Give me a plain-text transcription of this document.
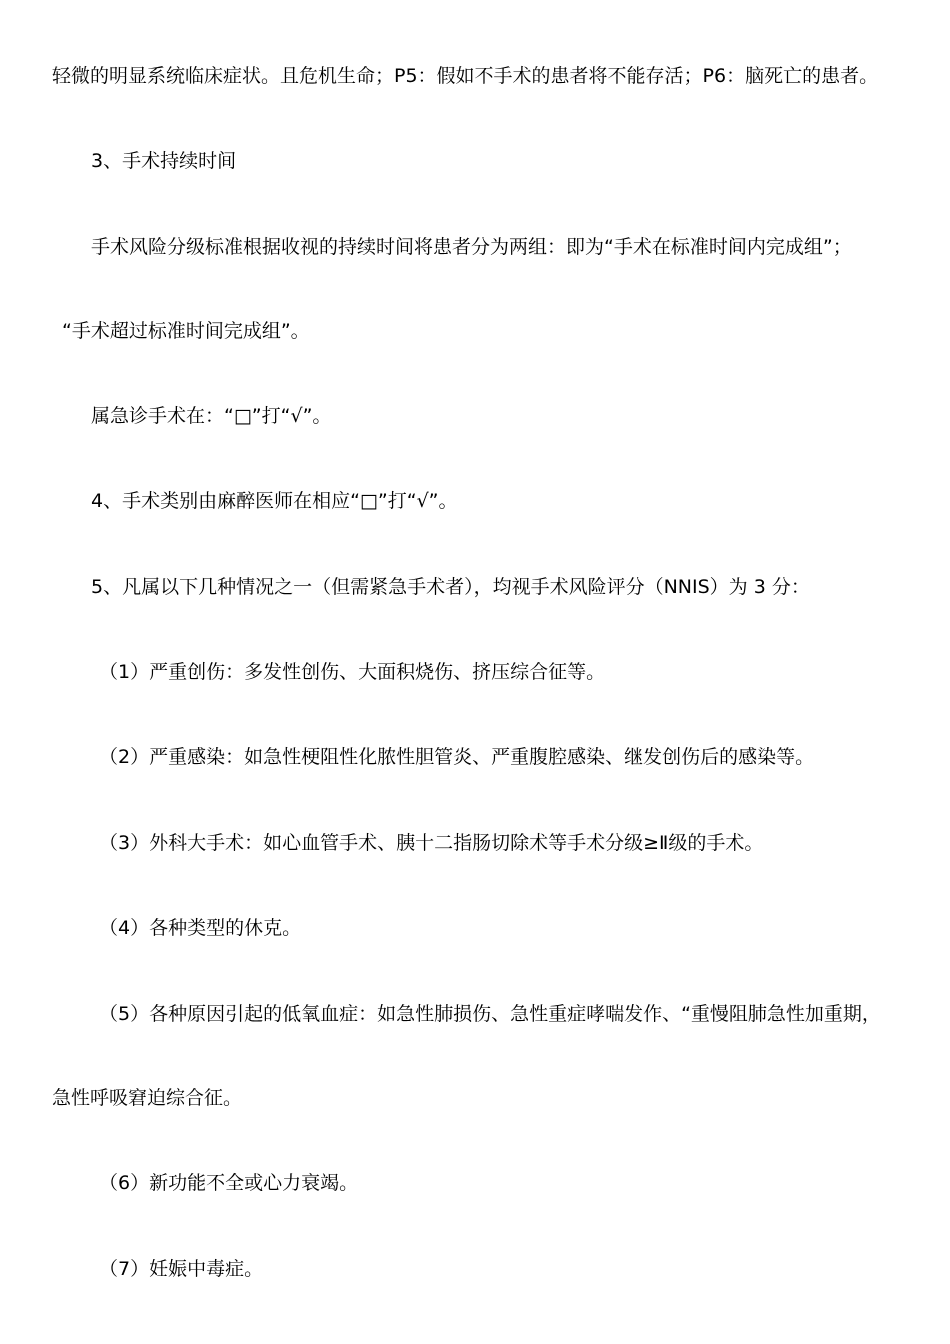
轻微的明显系统临床症状。且危机生命；P5：假如不手术的患者将不能存活；P6：脑死亡的患者。
3、手术持续时间
手术风险分级标准根据收视的持续时间将患者分为两组：即为“手术在标准时间内完成组”；
“手术超过标准时间完成组”。
属急诊手术在：“□”打“√”。
4、手术类别由麻醉医师在相应“□”打“√”。
5、凡属以下几种情况之一（但需紧急手术者），均视手术风险评分（NNIS）为 3 分：
（1）严重创伤：多发性创伤、大面积烧伤、挤压综合征等。
（2）严重感染：如急性梗阻性化脓性胆管炎、严重腹腔感染、继发创伤后的感染等。
（3）外科大手术：如心血管手术、胰十二指肠切除术等手术分级≥Ⅱ级的手术。
（4）各种类型的休克。
（5）各种原因引起的低氧血症：如急性肺损伤、急性重症哮喘发作、“重慢阻肺急性加重期，
急性呼吸窘迫综合征。
（6）新功能不全或心力衰竭。
（7）妊娠中毒症。
